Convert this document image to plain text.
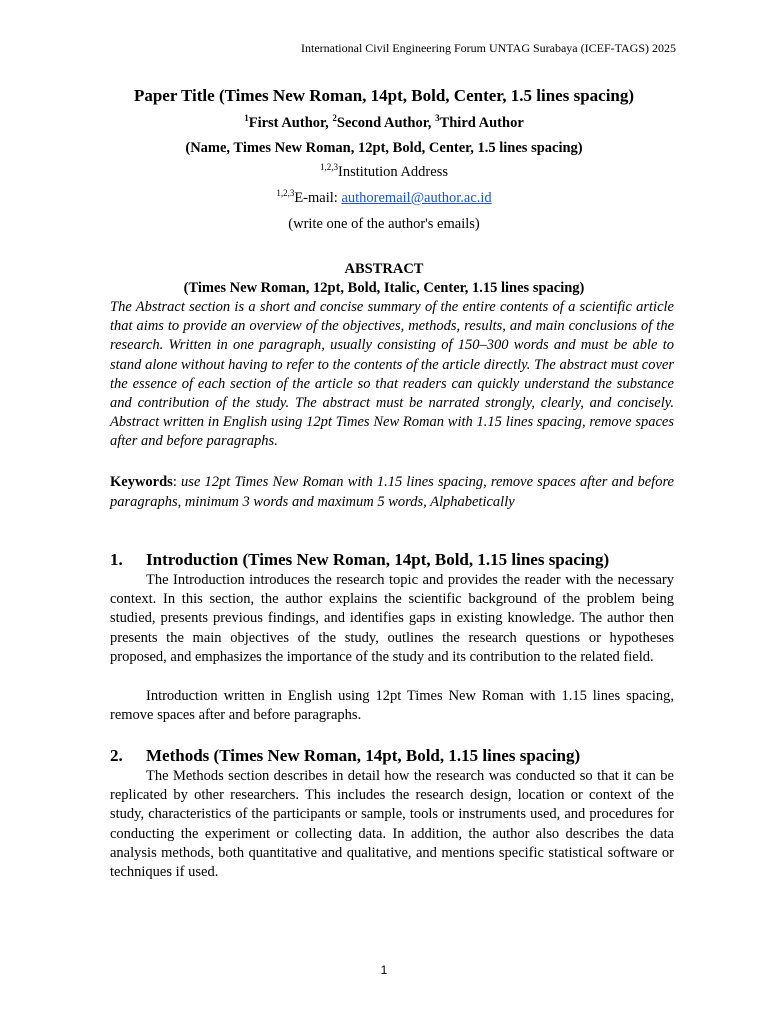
International Civil Engineering Forum UNTAG Surabaya (ICEF-TAGS) 2025
Paper Title (Times New Roman, 14pt, Bold, Center, 1.5 lines spacing)
$^1$First Author, $^2$Second Author, $^3$Third Author
(Name, Times New Roman, 12pt, Bold, Center, 1.5 lines spacing)
$^{1,2,3}$Institution Address
$^{1,2,3}$E-mail: authoremail@author.ac.id
(write one of the author's emails)
ABSTRACT
(Times New Roman, 12pt, Bold, Italic, Center, 1.15 lines spacing)

The Abstract section is a short and concise summary of the entire contents of a scientific article that aims to provide an overview of the objectives, methods, results, and main conclusions of the research. Written in one paragraph, usually consisting of 150–300 words and must be able to stand alone without having to refer to the contents of the article directly. The abstract must cover the essence of each section of the article so that readers can quickly understand the substance and contribution of the study. The abstract must be narrated strongly, clearly, and concisely. Abstract written in English using 12pt Times New Roman with 1.15 lines spacing, remove spaces after and before paragraphs.

Keywords: use 12pt Times New Roman with 1.15 lines spacing, remove spaces after and before paragraphs, minimum 3 words and maximum 5 words, Alphabetically

1. Introduction (Times New Roman, 14pt, Bold, 1.15 lines spacing)

The Introduction introduces the research topic and provides the reader with the necessary context. In this section, the author explains the scientific background of the problem being studied, presents previous findings, and identifies gaps in existing knowledge. The author then presents the main objectives of the study, outlines the research questions or hypotheses proposed, and emphasizes the importance of the study and its contribution to the related field.

Introduction written in English using 12pt Times New Roman with 1.15 lines spacing, remove spaces after and before paragraphs.

2. Methods (Times New Roman, 14pt, Bold, 1.15 lines spacing)

The Methods section describes in detail how the research was conducted so that it can be replicated by other researchers. This includes the research design, location or context of the study, characteristics of the participants or sample, tools or instruments used, and procedures for conducting the experiment or collecting data. In addition, the author also describes the data analysis methods, both quantitative and qualitative, and mentions specific statistical software or techniques if used.

1
